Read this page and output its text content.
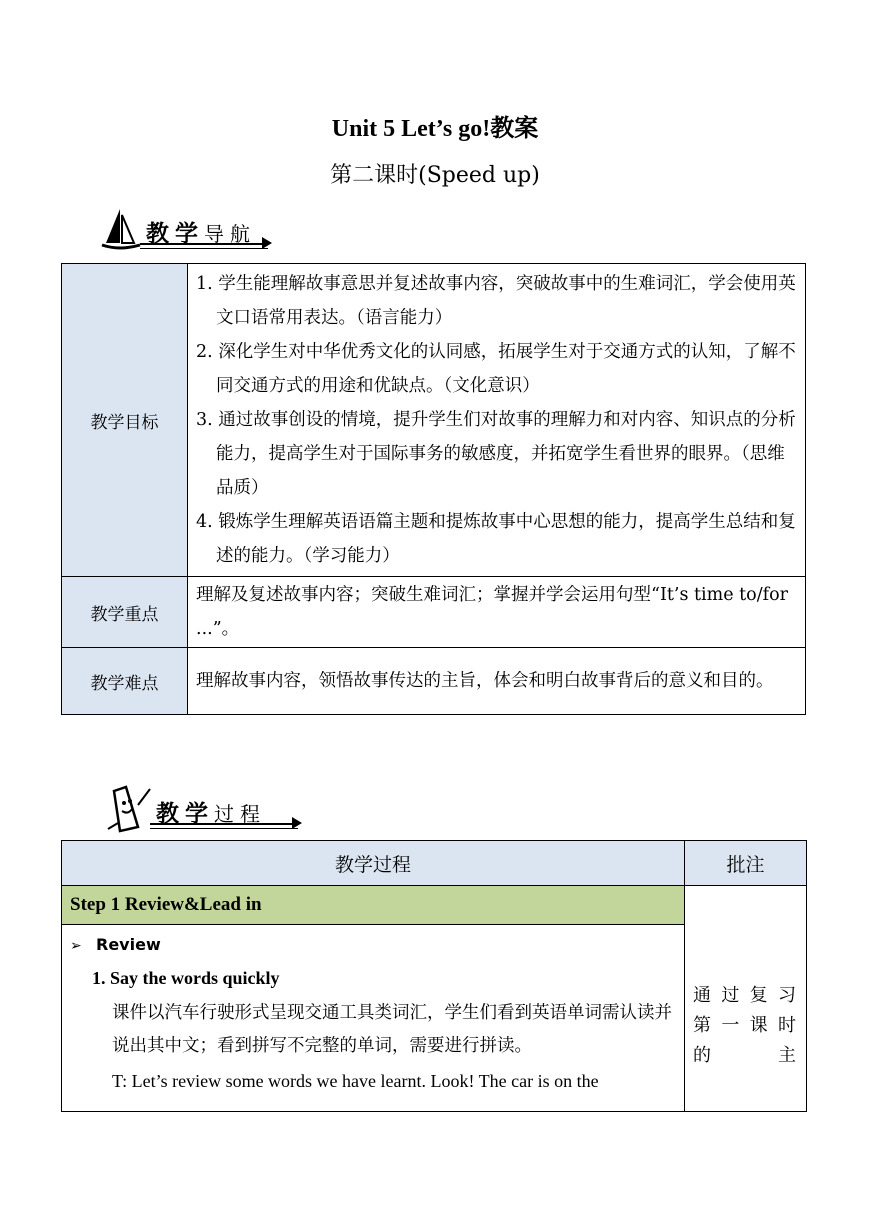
Unit 5 Let’s go!教案
第二课时(Speed up)
教学导航
教学目标	1. 学生能理解故事意思并复述故事内容，突破故事中的生难词汇，学会使用英文口语常用表达。（语言能力）
2. 深化学生对中华优秀文化的认同感，拓展学生对于交通方式的认知，了解不同交通方式的用途和优缺点。（文化意识）
3. 通过故事创设的情境，提升学生们对故事的理解力和对内容、知识点的分析能力，提高学生对于国际事务的敏感度，并拓宽学生看世界的眼界。（思维品质）
4. 锻炼学生理解英语语篇主题和提炼故事中心思想的能力，提高学生总结和复述的能力。（学习能力）

教学重点	理解及复述故事内容；突破生难词汇；掌握并学会运用句型“It’s time to/for ...”。
教学难点	理解故事内容，领悟故事传达的主旨，体会和明白故事背后的意义和目的。
教学过程
教学过程	批注
Step 1 Review&Lead in	通过复习第一课时的主

➢ Review
1. Say the words quickly
课件以汽车行驶形式呈现交通工具类词汇，学生们看到英语单词需认读并说出其中文；看到拼写不完整的单词，需要进行拼读。
T: Let’s review some words we have learnt. Look! The car is on the	
